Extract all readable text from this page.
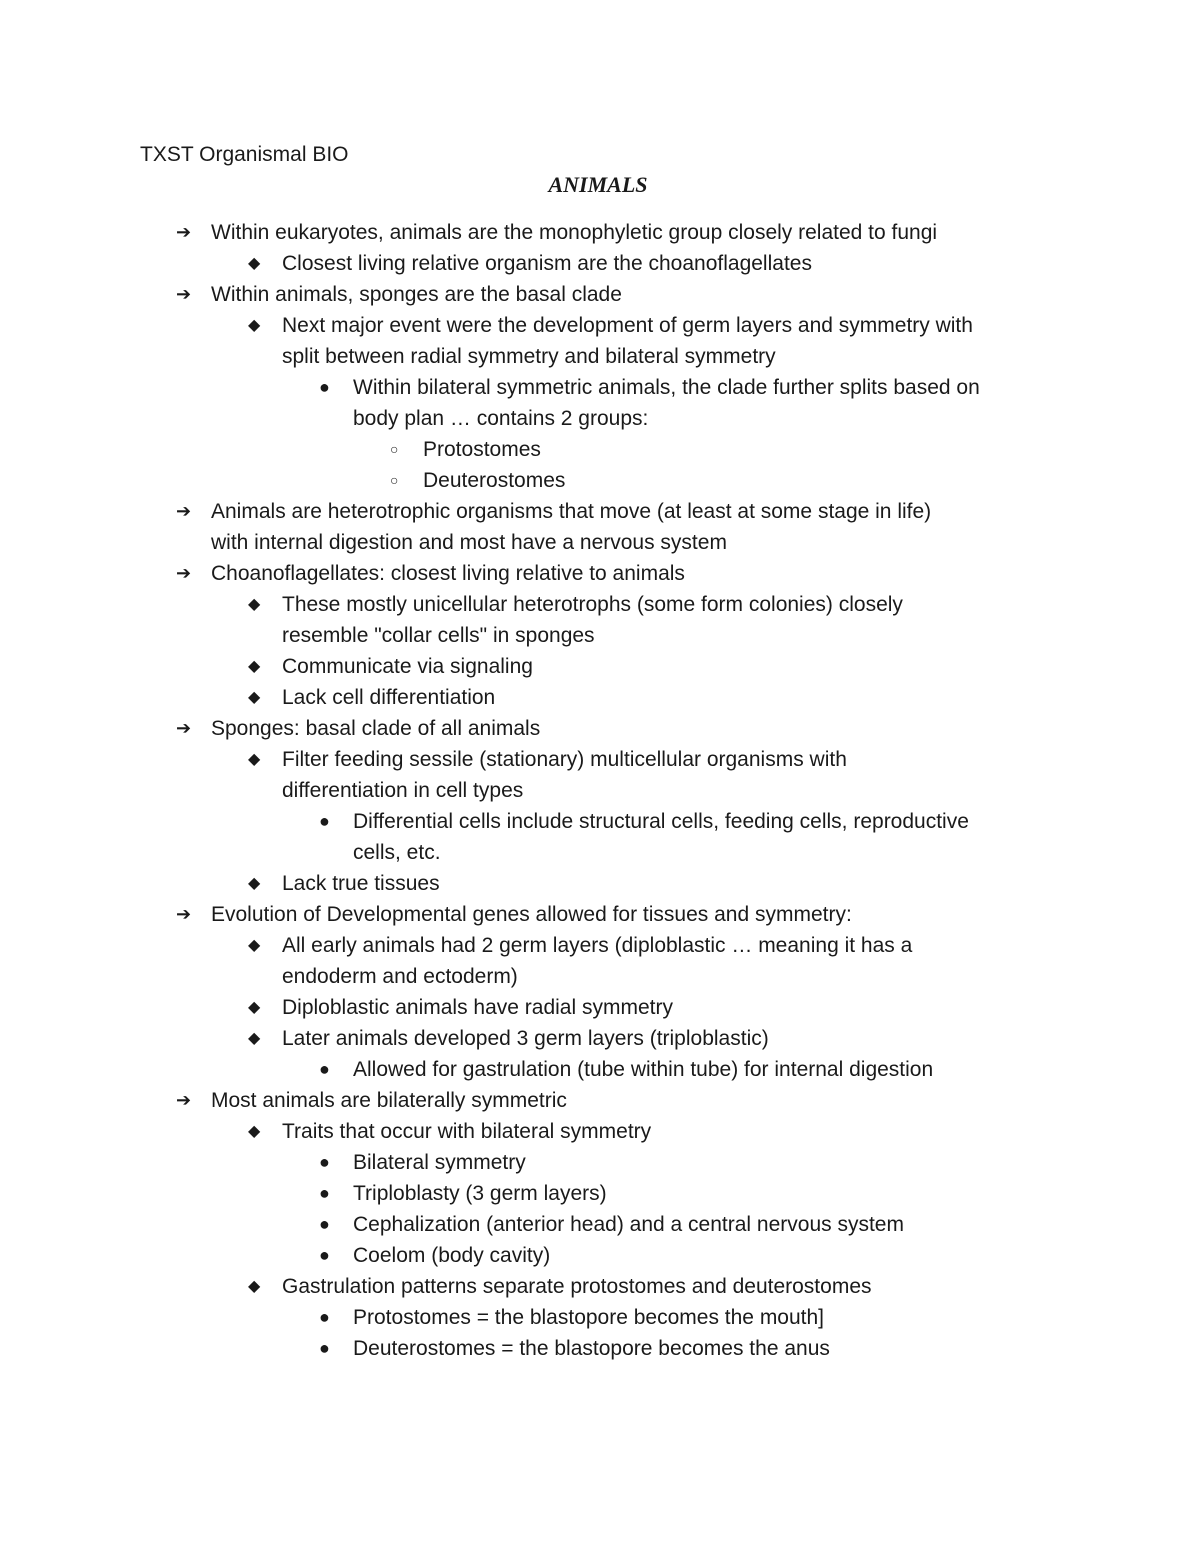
TXST Organismal BIO
ANIMALS
➔ Within eukaryotes, animals are the monophyletic group closely related to fungi
◆ Closest living relative organism are the choanoflagellates
➔ Within animals, sponges are the basal clade
◆ Next major event were the development of germ layers and symmetry with
split between radial symmetry and bilateral symmetry
● Within bilateral symmetric animals, the clade further splits based on
body plan … contains 2 groups:
○ Protostomes
○ Deuterostomes
➔ Animals are heterotrophic organisms that move (at least at some stage in life)
with internal digestion and most have a nervous system
➔ Choanoflagellates: closest living relative to animals
◆ These mostly unicellular heterotrophs (some form colonies) closely
resemble "collar cells" in sponges
◆ Communicate via signaling
◆ Lack cell differentiation
➔ Sponges: basal clade of all animals
◆ Filter feeding sessile (stationary) multicellular organisms with
differentiation in cell types
● Differential cells include structural cells, feeding cells, reproductive
cells, etc.
◆ Lack true tissues
➔ Evolution of Developmental genes allowed for tissues and symmetry:
◆ All early animals had 2 germ layers (diploblastic … meaning it has a
endoderm and ectoderm)
◆ Diploblastic animals have radial symmetry
◆ Later animals developed 3 germ layers (triploblastic)
● Allowed for gastrulation (tube within tube) for internal digestion
➔ Most animals are bilaterally symmetric
◆ Traits that occur with bilateral symmetry
● Bilateral symmetry
● Triploblasty (3 germ layers)
● Cephalization (anterior head) and a central nervous system
● Coelom (body cavity)
◆ Gastrulation patterns separate protostomes and deuterostomes
● Protostomes = the blastopore becomes the mouth]
● Deuterostomes = the blastopore becomes the anus
